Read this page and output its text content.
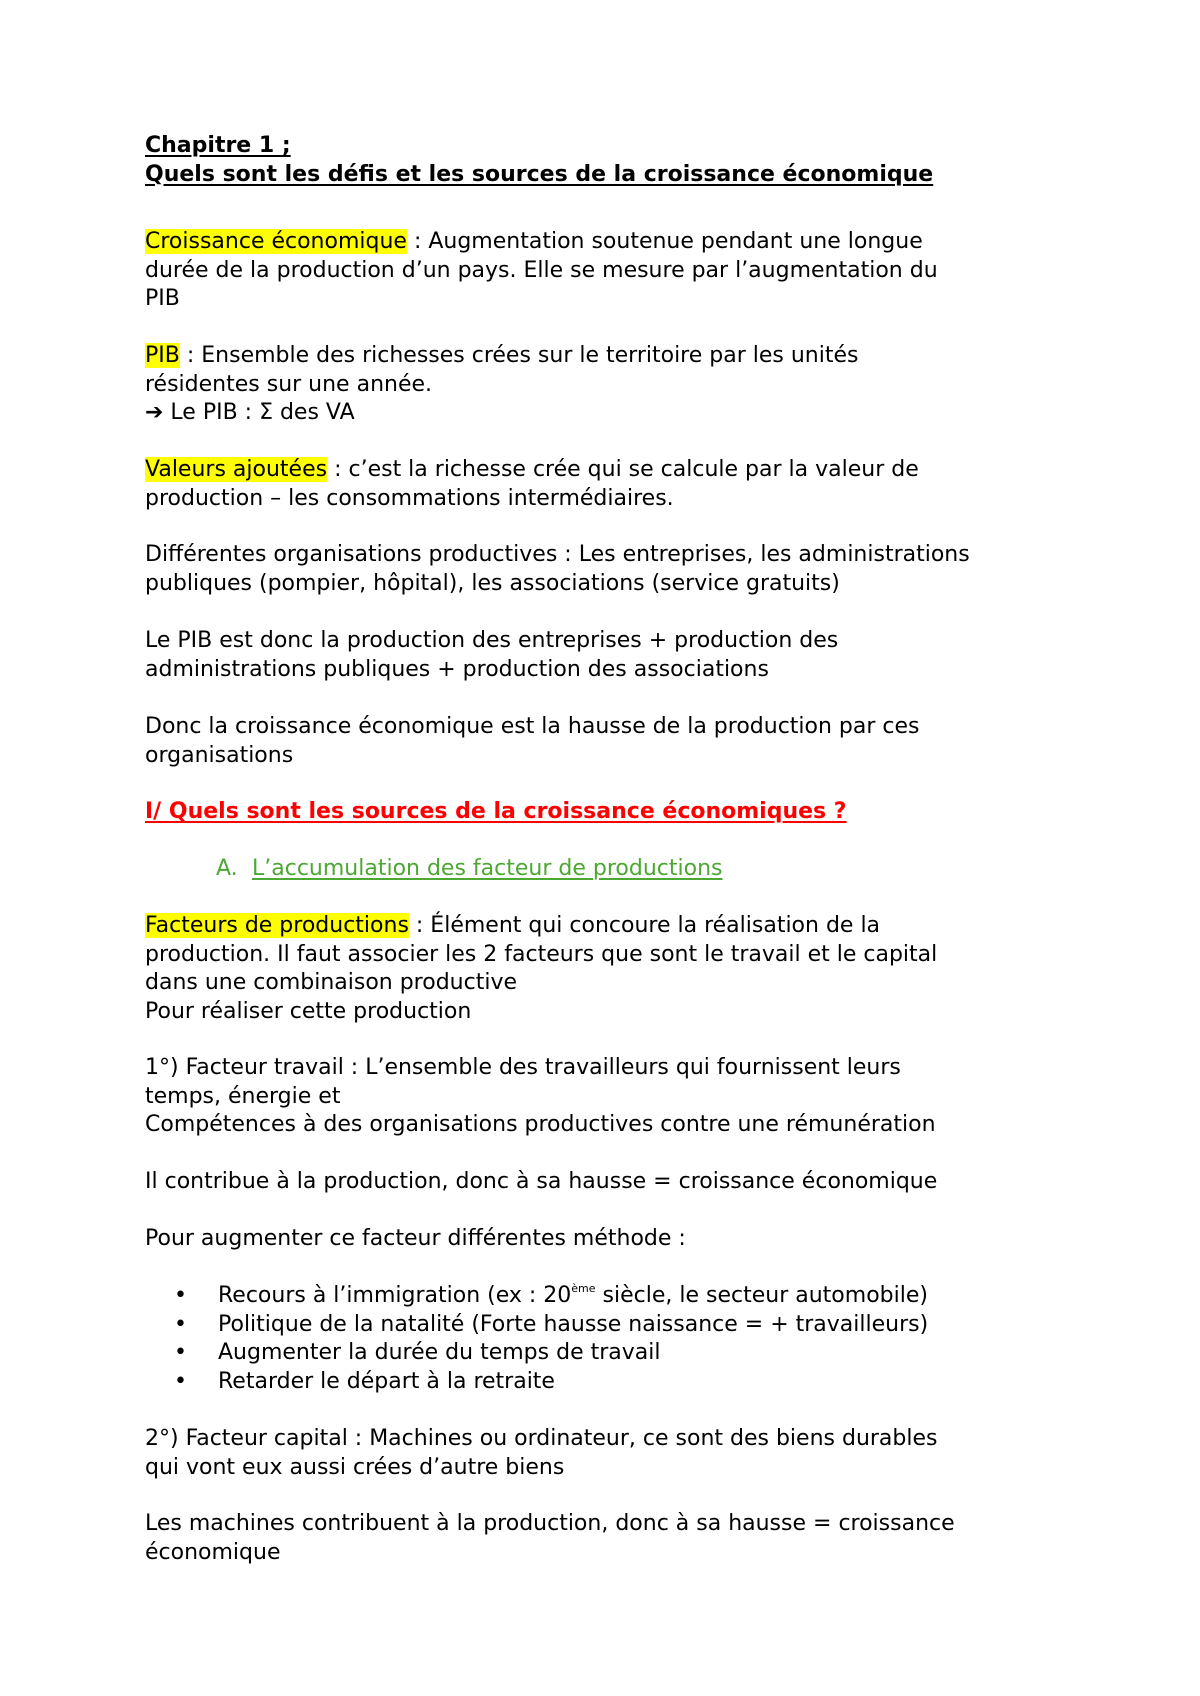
Chapitre 1 ;
Quels sont les défis et les sources de la croissance économique
Croissance économique : Augmentation soutenue pendant une longue
durée de la production d’un pays. Elle se mesure par l’augmentation du
PIB
PIB : Ensemble des richesses crées sur le territoire par les unités
résidentes sur une année.
➔ Le PIB : Σ des VA
Valeurs ajoutées : c’est la richesse crée qui se calcule par la valeur de
production – les consommations intermédiaires.
Différentes organisations productives : Les entreprises, les administrations
publiques (pompier, hôpital), les associations (service gratuits)
Le PIB est donc la production des entreprises + production des
administrations publiques + production des associations
Donc la croissance économique est la hausse de la production par ces
organisations
I/ Quels sont les sources de la croissance économiques ?
A. L’accumulation des facteur de productions
Facteurs de productions : Élément qui concoure la réalisation de la
production. Il faut associer les 2 facteurs que sont le travail et le capital
dans une combinaison productive
Pour réaliser cette production
1°) Facteur travail : L’ensemble des travailleurs qui fournissent leurs
temps, énergie et
Compétences à des organisations productives contre une rémunération
Il contribue à la production, donc à sa hausse = croissance économique
Pour augmenter ce facteur différentes méthode :
• Recours à l’immigration (ex : 20ème siècle, le secteur automobile)
• Politique de la natalité (Forte hausse naissance = + travailleurs)
• Augmenter la durée du temps de travail
• Retarder le départ à la retraite
2°) Facteur capital : Machines ou ordinateur, ce sont des biens durables
qui vont eux aussi crées d’autre biens
Les machines contribuent à la production, donc à sa hausse = croissance
économique
